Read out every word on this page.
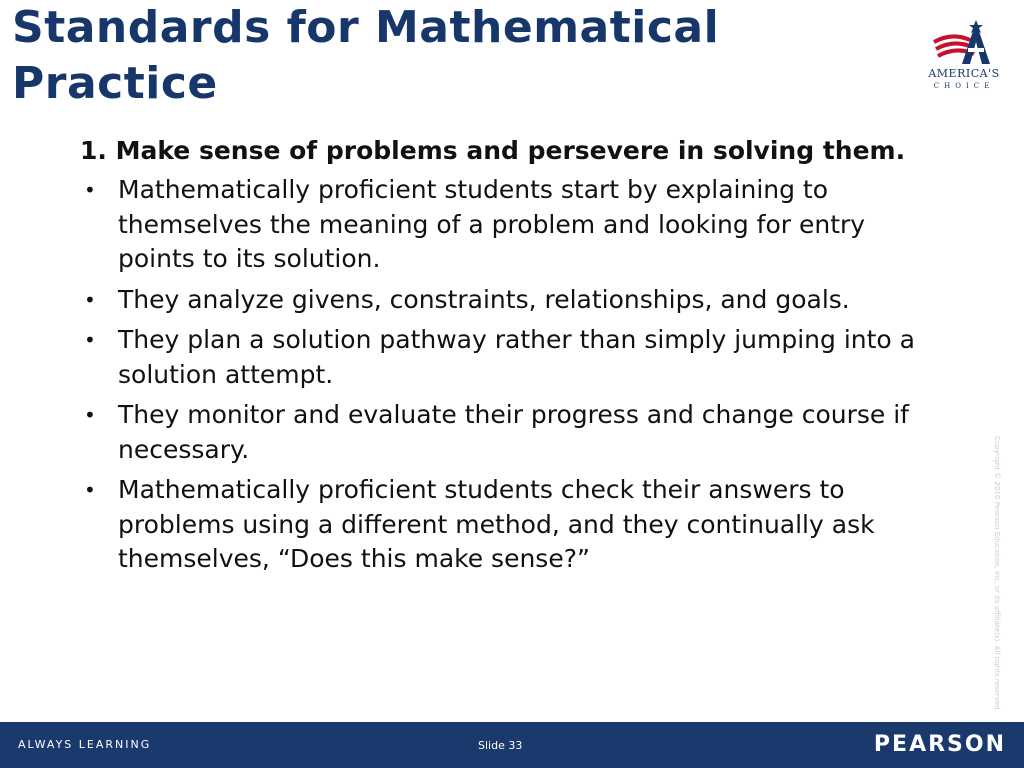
Standards for Mathematical Practice	AMERICA'S
CHOICE
1. Make sense of problems and persevere in solving them.
• Mathematically proficient students start by explaining to themselves the meaning of a problem and looking for entry points to its solution.
• They analyze givens, constraints, relationships, and goals.
• They plan a solution pathway rather than simply jumping into a solution attempt.
• They monitor and evaluate their progress and change course if necessary.
• Mathematically proficient students check their answers to problems using a different method, and they continually ask themselves, “Does this make sense?”	Copyright © 2010 Pearson Education, Inc. or its affiliate(s). All rights reserved.
ALWAYS LEARNING	Slide 33	PEARSON
